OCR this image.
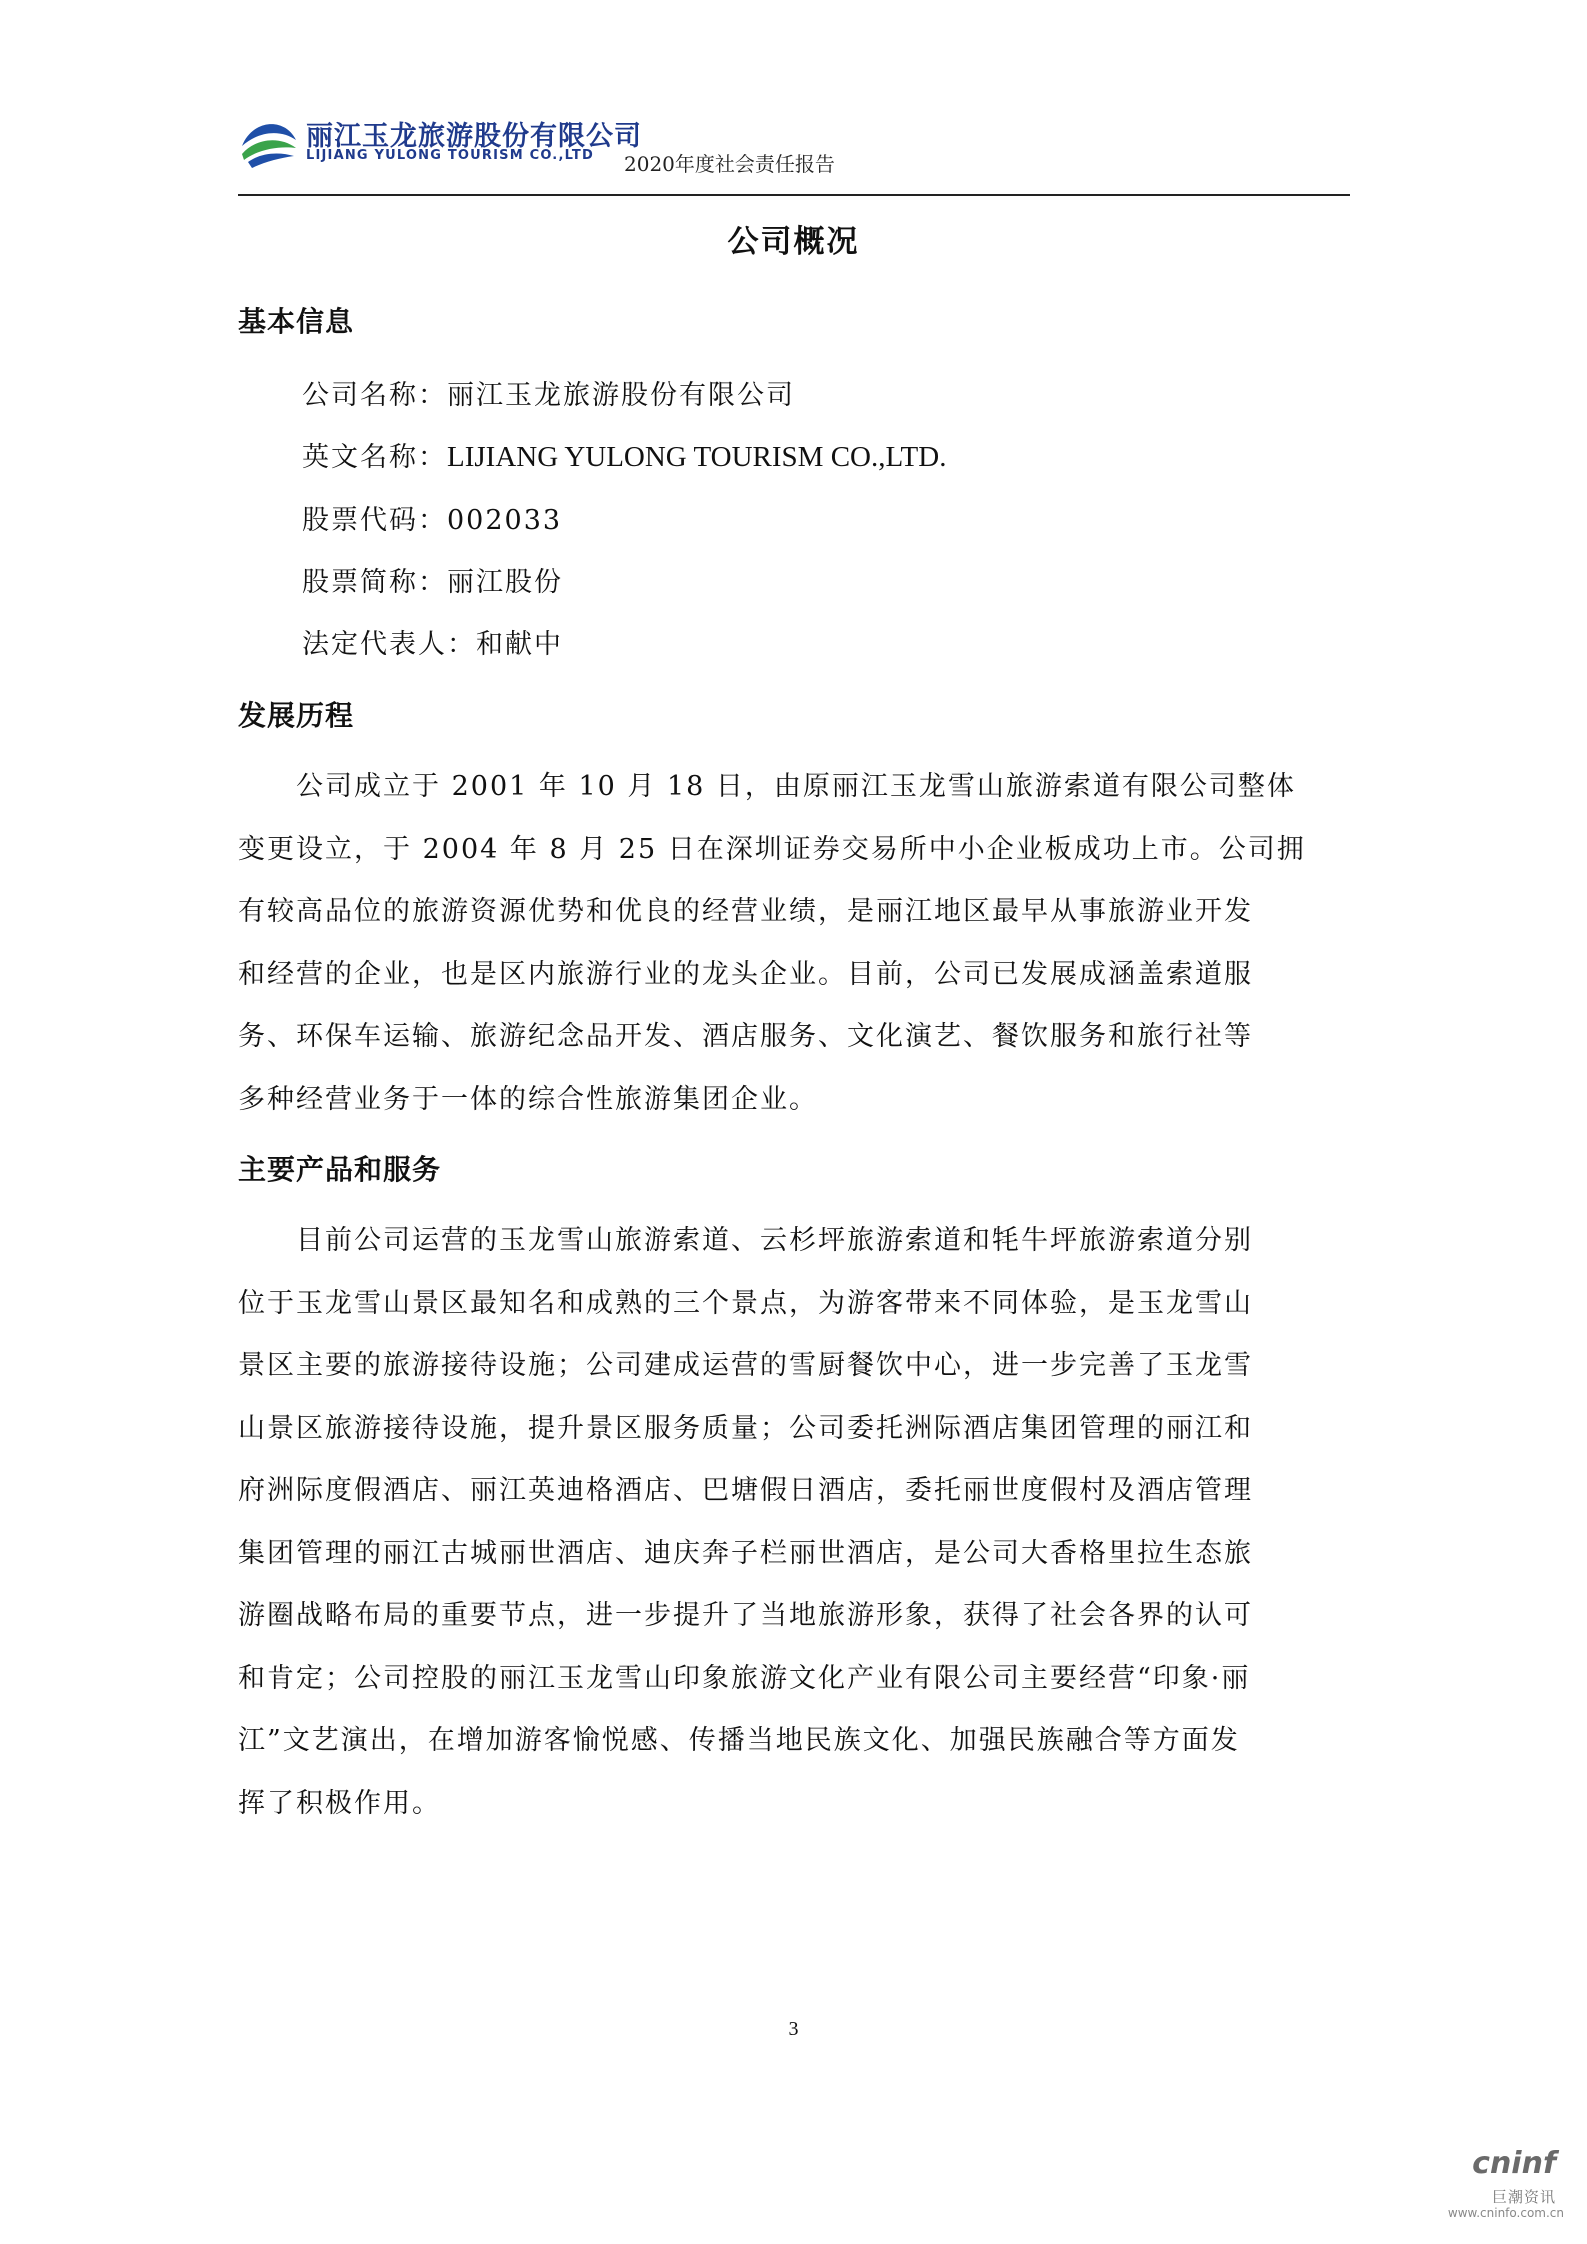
丽江玉龙旅游股份有限公司
LIJIANG YULONG TOURISM CO.,LTD 2020年度社会责任报告
公司概况
基本信息
公司名称：丽江玉龙旅游股份有限公司
英文名称：LIJIANG YULONG TOURISM CO.,LTD.
股票代码：002033
股票简称：丽江股份
法定代表人：和献中
发展历程
　　公司成立于 2001 年 10 月 18 日，由原丽江玉龙雪山旅游索道有限公司整体
变更设立，于 2004 年 8 月 25 日在深圳证券交易所中小企业板成功上市。公司拥
有较高品位的旅游资源优势和优良的经营业绩，是丽江地区最早从事旅游业开发
和经营的企业，也是区内旅游行业的龙头企业。目前，公司已发展成涵盖索道服
务、环保车运输、旅游纪念品开发、酒店服务、文化演艺、餐饮服务和旅行社等
多种经营业务于一体的综合性旅游集团企业。
主要产品和服务
　　目前公司运营的玉龙雪山旅游索道、云杉坪旅游索道和牦牛坪旅游索道分别
位于玉龙雪山景区最知名和成熟的三个景点，为游客带来不同体验，是玉龙雪山
景区主要的旅游接待设施；公司建成运营的雪厨餐饮中心，进一步完善了玉龙雪
山景区旅游接待设施，提升景区服务质量；公司委托洲际酒店集团管理的丽江和
府洲际度假酒店、丽江英迪格酒店、巴塘假日酒店，委托丽世度假村及酒店管理
集团管理的丽江古城丽世酒店、迪庆奔子栏丽世酒店，是公司大香格里拉生态旅
游圈战略布局的重要节点，进一步提升了当地旅游形象，获得了社会各界的认可
和肯定；公司控股的丽江玉龙雪山印象旅游文化产业有限公司主要经营“印象·丽
江”文艺演出，在增加游客愉悦感、传播当地民族文化、加强民族融合等方面发
挥了积极作用。
3
cninf
巨潮资讯
www.cninfo.com.cn
